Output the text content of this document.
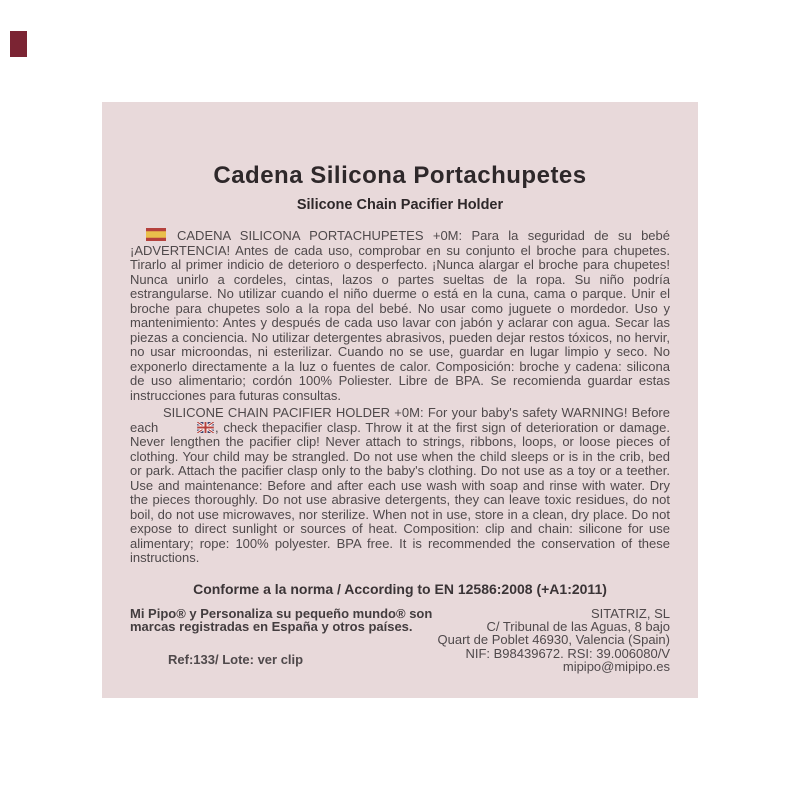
Cadena Silicona Portachupetes
Silicone Chain Pacifier Holder

CADENA SILICONA PORTACHUPETES +0M: Para la seguridad de su bebé ¡ADVERTENCIA! Antes de cada uso, comprobar en su conjunto el broche para chupetes. Tirarlo al primer indicio de deterioro o desperfecto. ¡Nunca alargar el broche para chupetes! Nunca unirlo a cordeles, cintas, lazos o partes sueltas de la ropa. Su niño podría estrangularse. No utilizar cuando el niño duerme o está en la cuna, cama o parque. Unir el broche para chupetes solo a la ropa del bebé. No usar como juguete o mordedor. Uso y mantenimiento: Antes y después de cada uso lavar con jabón y aclarar con agua. Secar las piezas a conciencia. No utilizar detergentes abrasivos, pueden dejar restos tóxicos, no hervir, no usar microondas, ni esterilizar. Cuando no se use, guardar en lugar limpio y seco. No exponerlo directamente a la luz o fuentes de calor. Composición: broche y cadena: silicona de uso alimentario; cordón 100% Poliester. Libre de BPA. Se recomienda guardar estas instrucciones para futuras consultas.

SILICONE CHAIN PACIFIER HOLDER +0M: For your baby's safety WARNING! Before each	, check thepacifier clasp. Throw it at the first sign of deterioration or damage. Never lengthen the pacifier clip! Never attach to strings, ribbons, loops, or loose pieces of clothing. Your child may be strangled. Do not use when the child sleeps or is in the crib, bed or park. Attach the pacifier clasp only to the baby's clothing. Do not use as a toy or a teether. Use and maintenance: Before and after each use wash with soap and rinse with water. Dry the pieces thoroughly. Do not use abrasive detergents, they can leave toxic residues, do not boil, do not use microwaves, nor sterilize. When not in use, store in a clean, dry place. Do not expose to direct sunlight or sources of heat. Composition: clip and chain: silicone for use alimentary; rope: 100% polyester. BPA free. It is recommended the conservation of these instructions.

Conforme a la norma / According to EN 12586:2008 (+A1:2011)
Mi Pipo® y Personaliza su pequeño mundo® son
marcas registradas en España y otros países.
Ref:133/ Lote: ver clip
SITATRIZ, SL
C/ Tribunal de las Aguas, 8 bajo
Quart de Poblet 46930, Valencia (Spain)
NIF: B98439672. RSI: 39.006080/V
mipipo@mipipo.es
